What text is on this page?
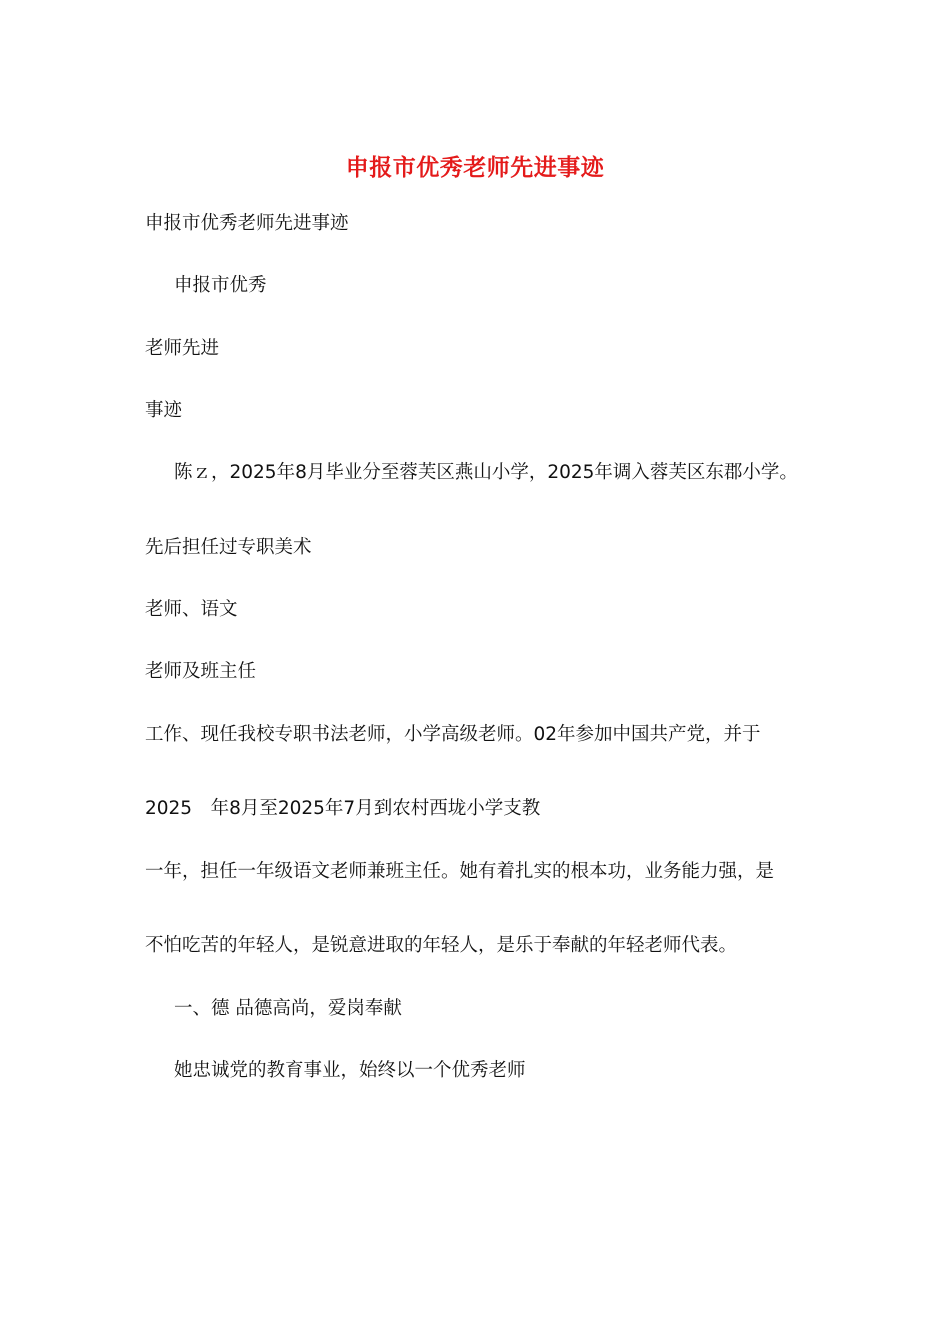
申报市优秀老师先进事迹
申报市优秀老师先进事迹
申报市优秀
老师先进
事迹
陈ｚ，2025年8月毕业分至蓉芙区燕山小学，2025年调入蓉芙区东郡小学。
先后担任过专职美术
老师、语文
老师及班主任
工作、现任我校专职书法老师，小学高级老师。02年参加中国共产党，并于
2025　年8月至2025年7月到农村西垅小学支教
一年，担任一年级语文老师兼班主任。她有着扎实的根本功，业务能力强，是
不怕吃苦的年轻人，是锐意进取的年轻人，是乐于奉献的年轻老师代表。
一、德 品德高尚，爱岗奉献
她忠诚党的教育事业，始终以一个优秀老师
